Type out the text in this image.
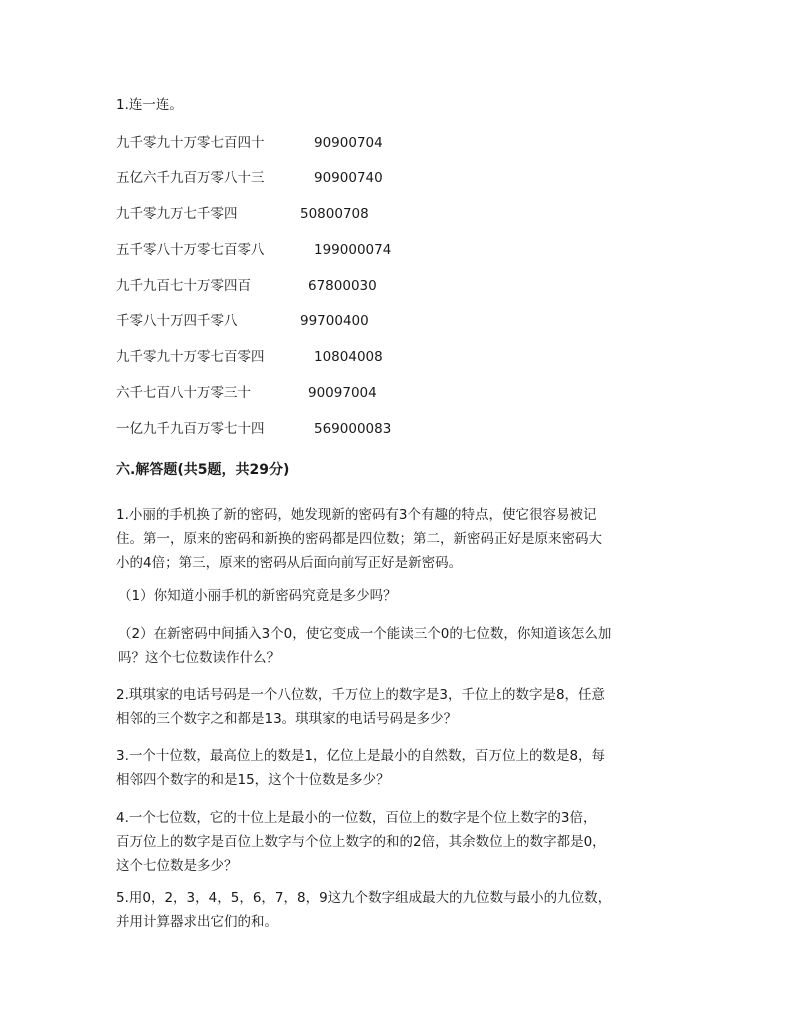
1.连一连。
九千零九十万零七百四十	90900704
五亿六千九百万零八十三	90900740
九千零九万七千零四	50800708
五千零八十万零七百零八	199000074
九千九百七十万零四百	67800030
千零八十万四千零八	99700400
九千零九十万零七百零四	10804008
六千七百八十万零三十	90097004
一亿九千九百万零七十四	569000083
六.解答题(共5题，共29分)

1.小丽的手机换了新的密码，她发现新的密码有3个有趣的特点，使它很容易被记

住。第一，原来的密码和新换的密码都是四位数；第二，新密码正好是原来密码大

小的4倍；第三，原来的密码从后面向前写正好是新密码。

（1）你知道小丽手机的新密码究竟是多少吗？

（2）在新密码中间插入3个0，使它变成一个能读三个0的七位数，你知道该怎么加

吗？这个七位数读作什么？

2.琪琪家的电话号码是一个八位数，千万位上的数字是3，千位上的数字是8，任意

相邻的三个数字之和都是13。琪琪家的电话号码是多少？

3.一个十位数，最高位上的数是1，亿位上是最小的自然数，百万位上的数是8，每

相邻四个数字的和是15，这个十位数是多少？

4.一个七位数，它的十位上是最小的一位数，百位上的数字是个位上数字的3倍，

百万位上的数字是百位上数字与个位上数字的和的2倍，其余数位上的数字都是0，

这个七位数是多少？

5.用0，2，3，4，5，6，7，8，9这九个数字组成最大的九位数与最小的九位数，

并用计算器求出它们的和。
